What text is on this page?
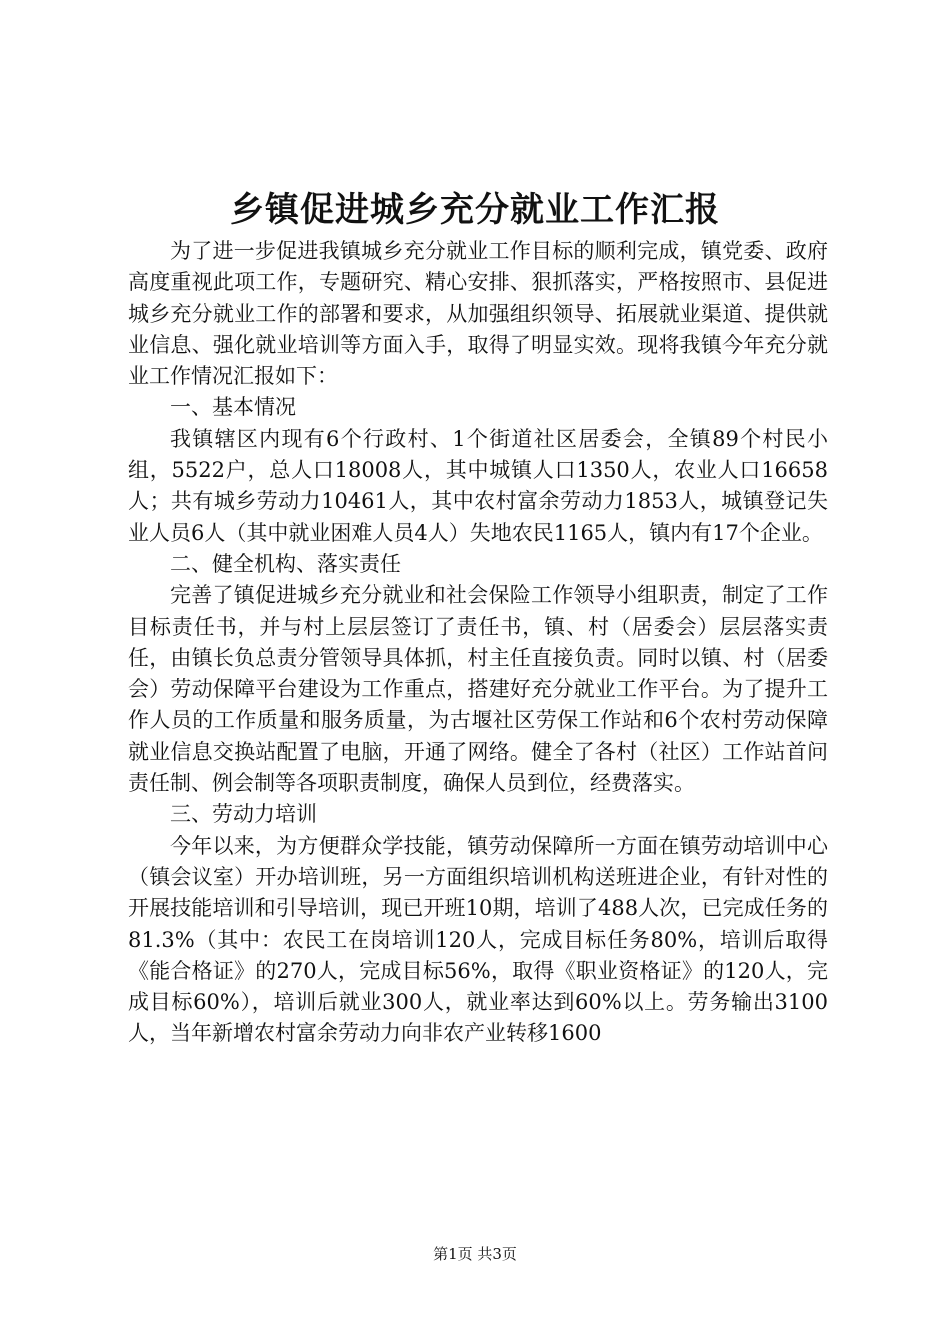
乡镇促进城乡充分就业工作汇报

为了进一步促进我镇城乡充分就业工作目标的顺利完成，镇党委、政府高度重视此项工作，专题研究、精心安排、狠抓落实，严格按照市、县促进城乡充分就业工作的部署和要求，从加强组织领导、拓展就业渠道、提供就业信息、强化就业培训等方面入手，取得了明显实效。现将我镇今年充分就业工作情况汇报如下：

一、基本情况

我镇辖区内现有6个行政村、1个街道社区居委会，全镇89个村民小组，5522户，总人口18008人，其中城镇人口1350人，农业人口16658人；共有城乡劳动力10461人，其中农村富余劳动力1853人，城镇登记失业人员6人（其中就业困难人员4人）失地农民1165人，镇内有17个企业。

二、健全机构、落实责任

完善了镇促进城乡充分就业和社会保险工作领导小组职责，制定了工作目标责任书，并与村上层层签订了责任书，镇、村（居委会）层层落实责任，由镇长负总责分管领导具体抓，村主任直接负责。同时以镇、村（居委会）劳动保障平台建设为工作重点，搭建好充分就业工作平台。为了提升工作人员的工作质量和服务质量，为古堰社区劳保工作站和6个农村劳动保障就业信息交换站配置了电脑，开通了网络。健全了各村（社区）工作站首问责任制、例会制等各项职责制度，确保人员到位，经费落实。

三、劳动力培训

今年以来，为方便群众学技能，镇劳动保障所一方面在镇劳动培训中心（镇会议室）开办培训班，另一方面组织培训机构送班进企业，有针对性的开展技能培训和引导培训，现已开班10期，培训了488人次，已完成任务的81.3%（其中：农民工在岗培训120人，完成目标任务80%，培训后取得《能合格证》的270人，完成目标56%，取得《职业资格证》的120人，完成目标60%），培训后就业300人，就业率达到60%以上。劳务输出3100人，当年新增农村富余劳动力向非农产业转移1600

第1页 共3页
